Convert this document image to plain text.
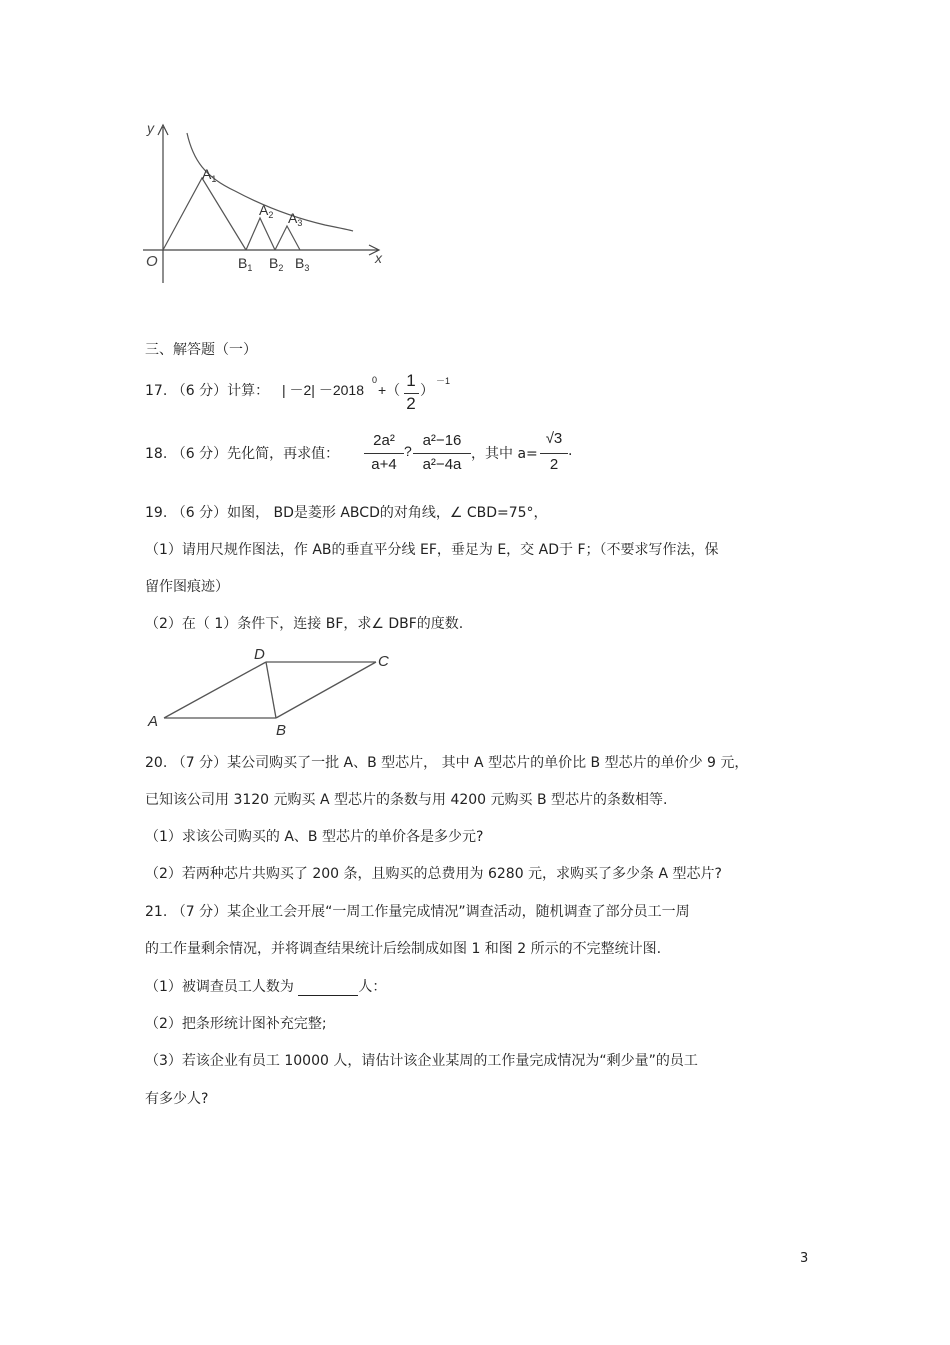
y
x
O
$A_1$
$A_2$ $A_3$
$B_1$ $B_2$ $B_3$
三、解答题（一）
17. （6 分）计算： | －2| －2018
0
+（ 1
2
）
－1
18. （6 分）先化简，再求值：
2a²
a+4
?
a²−16
a²−4a
，其中 a=
√3
2
.
19. （6 分）如图， BD是菱形 ABCD的对角线，∠ CBD=75°，
（1）请用尺规作图法，作 AB的垂直平分线 EF，垂足为 E，交 AD于 F；（不要求写作法，保
留作图痕迹）
（2）在（ 1）条件下，连接 BF，求∠ DBF的度数.
D	C
A
B
20. （7 分）某公司购买了一批 A、B 型芯片， 其中 A 型芯片的单价比 B 型芯片的单价少 9 元，
已知该公司用 3120 元购买 A 型芯片的条数与用 4200 元购买 B 型芯片的条数相等.
（1）求该公司购买的 A、B 型芯片的单价各是多少元?
（2）若两种芯片共购买了 200 条，且购买的总费用为 6280 元，求购买了多少条 A 型芯片?
21. （7 分）某企业工会开展“一周工作量完成情况”调查活动，随机调查了部分员工一周
的工作量剩余情况，并将调查结果统计后绘制成如图 1 和图 2 所示的不完整统计图.
（1）被调查员工人数为	人：
（2）把条形统计图补充完整;
（3）若该企业有员工 10000 人，请估计该企业某周的工作量完成情况为“剩少量”的员工
有多少人?
3
